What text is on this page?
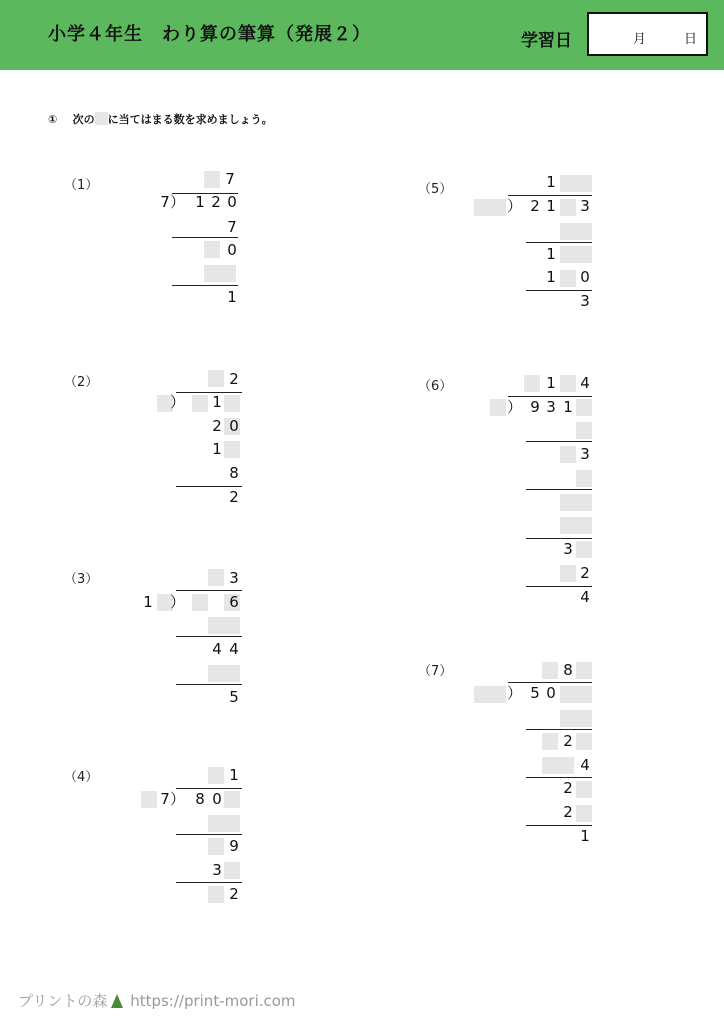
小学４年生　わり算の筆算（発展２）	学習日	月	日
① 次の に当てはまる数を求めましょう。
（1）
（2）
（3）
（4）
（5）
（6）
（7）
7
7 ） 1 2 0
7
0
1
2
） 1
2 0
1
8
2
3
1 ）	6
4 4
5
1
7 ） 8 0
9
3
2
1
） 2 1 3
1
1 0
3
1 4
） 9 3 1
3
3
2
4
8
） 5 0
2
4
2
2
1
プリントの森 https://print-mori.com
